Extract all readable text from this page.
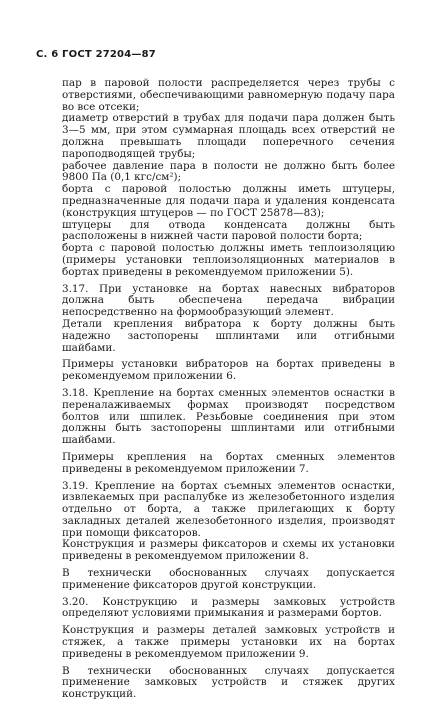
С. 6 ГОСТ 27204—87

пар в паровой полости распределяется через трубы с отверстиями, обеспечивающими равномерную подачу пара во все отсеки;

диаметр отверстий в трубах для подачи пара должен быть 3—5 мм, при этом суммарная площадь всех отверстий не должна превышать площади поперечного сечения пароподводящей трубы;

рабочее давление пара в полости не должно быть более 9800 Па (0,1 кгс/см²);

борта с паровой полостью должны иметь штуцеры, предназначенные для подачи пара и удаления конденсата (конструкция штуцеров — по ГОСТ 25878—83);

штуцеры для отвода конденсата должны быть расположены в нижней части паровой полости борта;

борта с паровой полостью должны иметь теплоизоляцию (примеры установки теплоизоляционных материалов в бортах приведены в рекомендуемом приложении 5).

3.17. При установке на бортах навесных вибраторов должна быть обеспечена передача вибрации непосредственно на формообразующий элемент.

Детали крепления вибратора к борту должны быть надежно застопорены шплинтами или отгибными шайбами.

Примеры установки вибраторов на бортах приведены в рекомендуемом приложении 6.

3.18. Крепление на бортах сменных элементов оснастки в переналаживаемых формах производят посредством болтов или шпилек. Резьбовые соединения при этом должны быть застопорены шплинтами или отгибными шайбами.

Примеры крепления на бортах сменных элементов приведены в рекомендуемом приложении 7.

3.19. Крепление на бортах съемных элементов оснастки, извлекаемых при распалубке из железобетонного изделия отдельно от борта, а также прилегающих к борту закладных деталей железобетонного изделия, производят при помощи фиксаторов.

Конструкция и размеры фиксаторов и схемы их установки приведены в рекомендуемом приложении 8.

В технически обоснованных случаях допускается применение фиксаторов другой конструкции.

3.20. Конструкцию и размеры замковых устройств определяют условиями примыкания и размерами бортов.

Конструкция и размеры деталей замковых устройств и стяжек, а также примеры установки их на бортах приведены в рекомендуемом приложении 9.

В технически обоснованных случаях допускается применение замковых устройств и стяжек других конструкций.
